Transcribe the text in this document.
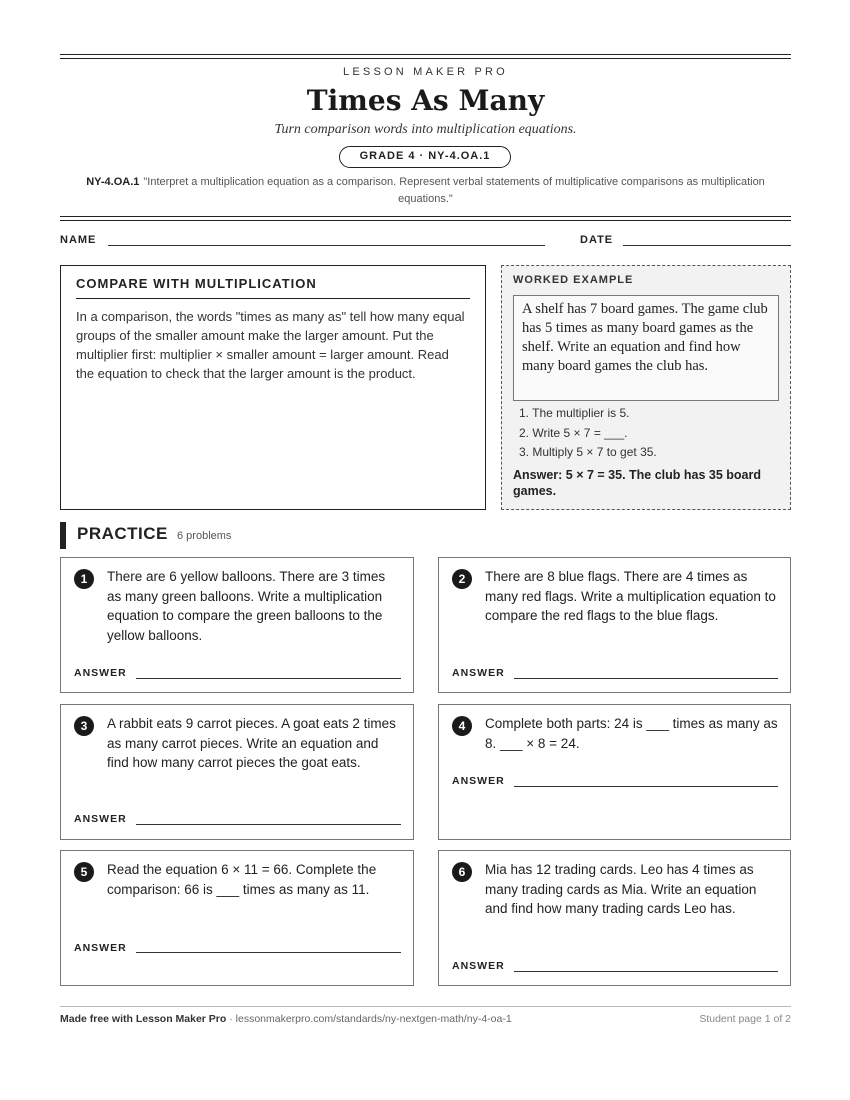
LESSON MAKER PRO
Times As Many
Turn comparison words into multiplication equations.
GRADE 4 · NY-4.OA.1
NY-4.OA.1 "Interpret a multiplication equation as a comparison. Represent verbal statements of multiplicative comparisons as multiplication equations."
NAME	DATE
COMPARE WITH MULTIPLICATION
In a comparison, the words "times as many as" tell how many equal groups of the smaller amount make the larger amount. Put the multiplier first: multiplier × smaller amount = larger amount. Read the equation to check that the larger amount is the product.
WORKED EXAMPLE
A shelf has 7 board games. The game club has 5 times as many board games as the shelf. Write an equation and find how many board games the club has.
1. The multiplier is 5.
2. Write 5 × 7 = ___.
3. Multiply 5 × 7 to get 35.
Answer: 5 × 7 = 35. The club has 35 board games.
PRACTICE 6 problems
1	There are 6 yellow balloons. There are 3 times as many green balloons. Write a multiplication equation to compare the green balloons to the yellow balloons.
ANSWER
2	There are 8 blue flags. There are 4 times as many red flags. Write a multiplication equation to compare the red flags to the blue flags.
ANSWER
3	A rabbit eats 9 carrot pieces. A goat eats 2 times as many carrot pieces. Write an equation and find how many carrot pieces the goat eats.
ANSWER
4	Complete both parts: 24 is ___ times as many as 8. ___ × 8 = 24.
ANSWER
5	Read the equation 6 × 11 = 66. Complete the comparison: 66 is ___ times as many as 11.
ANSWER
6	Mia has 12 trading cards. Leo has 4 times as many trading cards as Mia. Write an equation and find how many trading cards Leo has.
ANSWER
Made free with Lesson Maker Pro · lessonmakerpro.com/standards/ny-nextgen-math/ny-4-oa-1	Student page 1 of 2
